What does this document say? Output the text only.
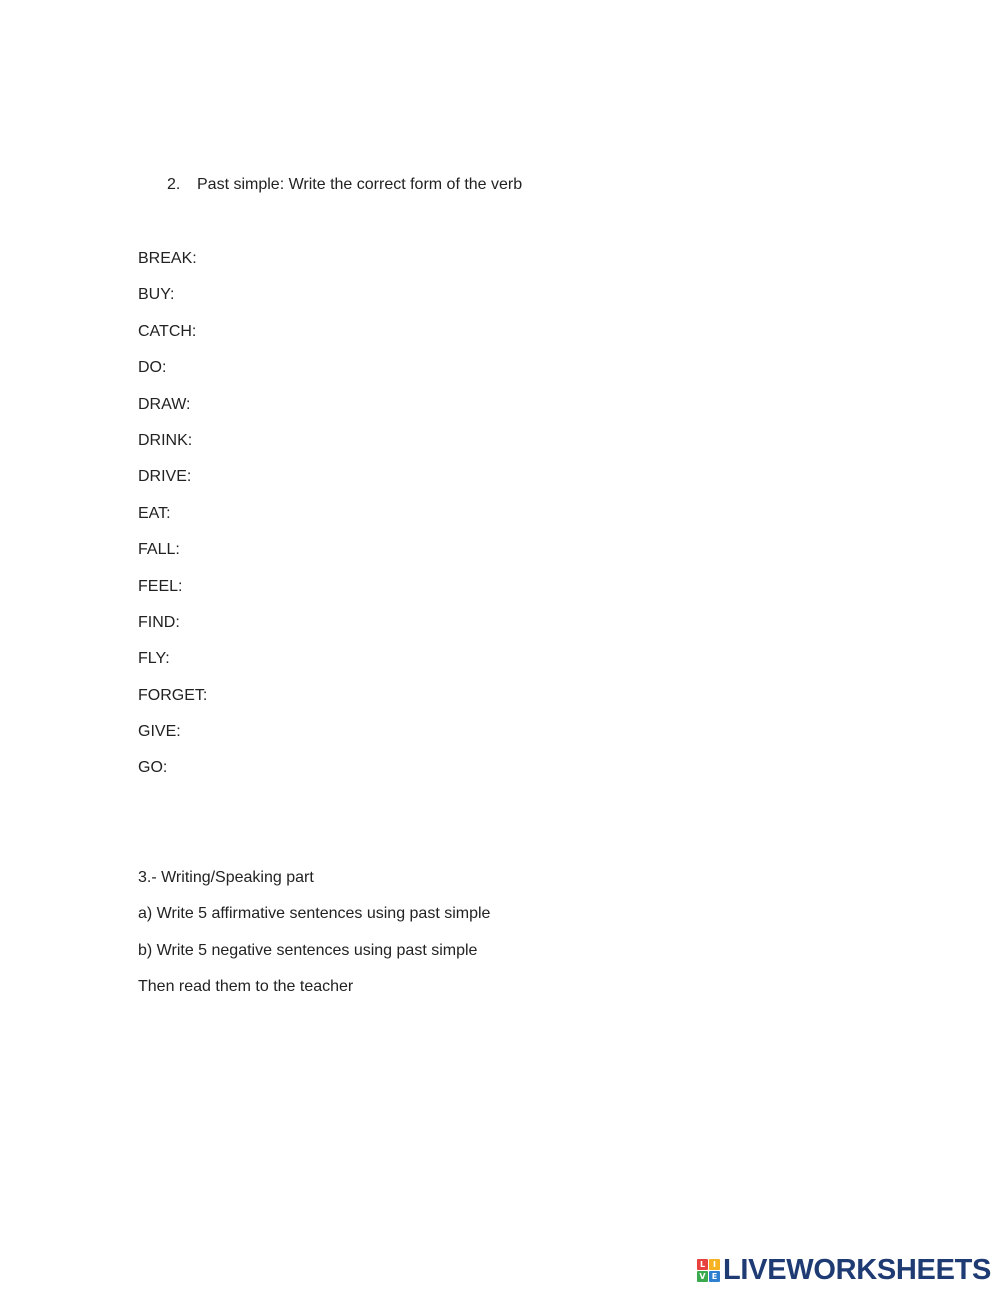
2. Past simple: Write the correct form of the verb
BREAK:
BUY:
CATCH:
DO:
DRAW:
DRINK:
DRIVE:
EAT:
FALL:
FEEL:
FIND:
FLY:
FORGET:
GIVE:
GO:
3.- Writing/Speaking part
a) Write 5 affirmative sentences using past simple
b) Write 5 negative sentences using past simple
Then read them to the teacher
L I
V E LIVEWORKSHEETS
